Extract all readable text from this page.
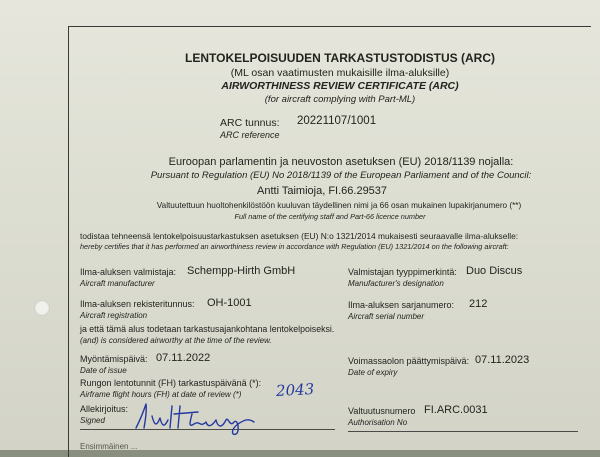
LENTOKELPOISUUDEN TARKASTUSTODISTUS (ARC)
(ML osan vaatimusten mukaisille ilma-aluksille)
AIRWORTHINESS REVIEW CERTIFICATE (ARC)
(for aircraft complying with Part-ML)
ARC tunnus: 20221107/1001
ARC reference
Euroopan parlamentin ja neuvoston asetuksen (EU) 2018/1139 nojalla:
Pursuant to Regulation (EU) No 2018/1139 of the European Parliament and of the Council:
Antti Taimioja, FI.66.29537
Valtuutettuun huoltohenkilöstöön kuuluvan täydellinen nimi ja 66 osan mukainen lupakirjanumero (**)
Full name of the certifying staff and Part-66 licence number
todistaa tehneensä lentokelpoisuustarkastuksen asetuksen (EU) N:o 1321/2014 mukaisesti seuraavalle ilma-alukselle:
hereby certifies that it has performed an airworthiness review in accordance with Regulation (EU) 1321/2014 on the following aircraft:
Ilma-aluksen valmistaja: Schempp-Hirth GmbH
Aircraft manufacturer
Valmistajan tyyppimerkintä: Duo Discus
Manufacturer's designation
Ilma-aluksen rekisteritunnus: OH-1001
Aircraft registration
Ilma-aluksen sarjanumero: 212
Aircraft serial number
ja että tämä alus todetaan tarkastusajankohtana lentokelpoiseksi.
(and) is considered airworthy at the time of the review.
Myöntämispäivä: 07.11.2022
Date of issue
Voimassaolon päättymispäivä: 07.11.2023
Date of expiry
Rungon lentotunnit (FH) tarkastuspäivänä (*):
Airframe flight hours (FH) at date of review (*) 2043
Allekirjoitus:
Signed
Valtuutusnumero FI.ARC.0031
Authorisation No
Ensimmäinen ...
